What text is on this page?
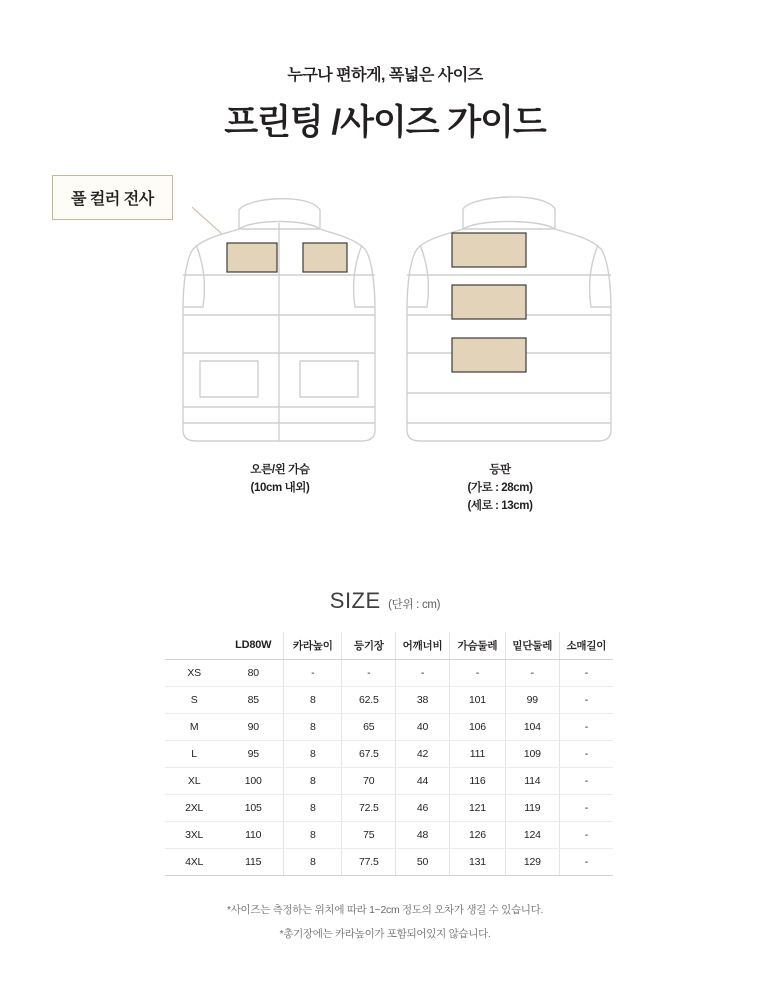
누구나 편하게, 폭넓은 사이즈
프린팅 /사이즈 가이드
풀 컬러 전사
오른/왼 가슴
(10cm 내외)
등판
(가로 : 28cm)
(세로 : 13cm)
SIZE (단위 : cm)
	LD80W	카라높이	등기장	어깨너비	가슴둘레	밑단둘레	소매길이
XS	80	-	-	-	-	-	-
S	85	8	62.5	38	101	99	-
M	90	8	65	40	106	104	-
L	95	8	67.5	42	111	109	-
XL	100	8	70	44	116	114	-
2XL	105	8	72.5	46	121	119	-
3XL	110	8	75	48	126	124	-
4XL	115	8	77.5	50	131	129	-
*사이즈는 측정하는 위치에 따라 1~2cm 정도의 오차가 생길 수 있습니다.
*총기장에는 카라높이가 포함되어있지 않습니다.
